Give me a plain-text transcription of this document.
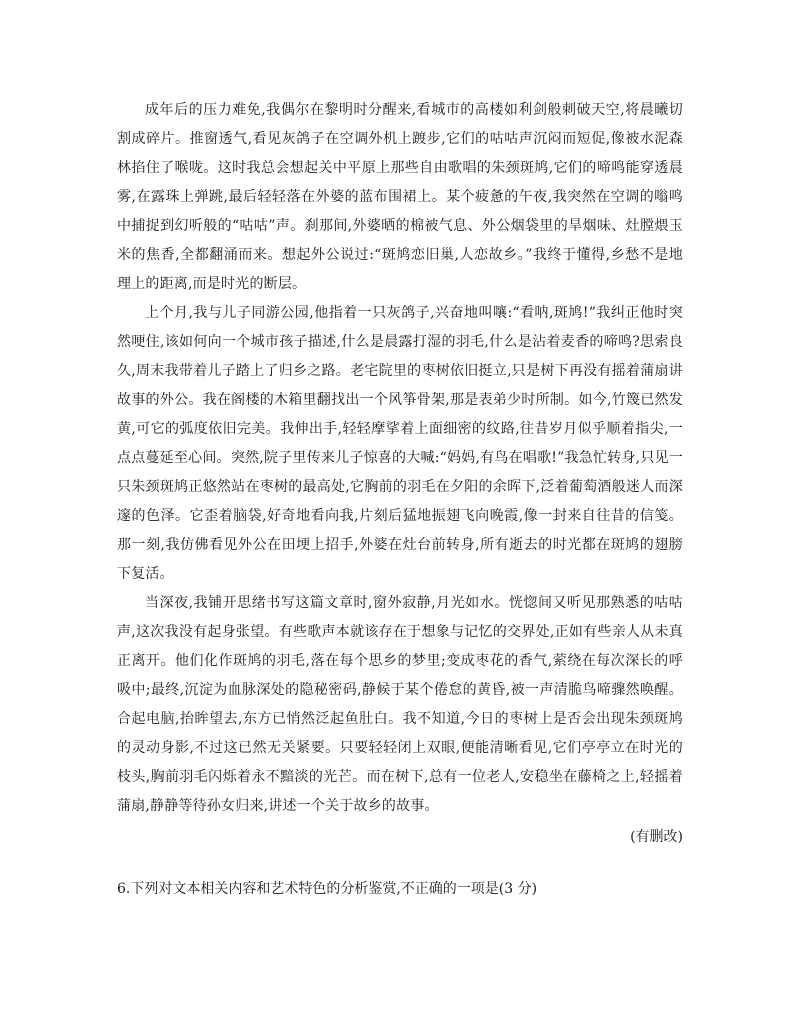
成年后的压力难免,我偶尔在黎明时分醒来,看城市的高楼如利剑般刺破天空,将晨曦切割成碎片。推窗透气,看见灰鸽子在空调外机上踱步,它们的咕咕声沉闷而短促,像被水泥森林掐住了喉咙。这时我总会想起关中平原上那些自由歌唱的朱颈斑鸠,它们的啼鸣能穿透晨雾,在露珠上弹跳,最后轻轻落在外婆的蓝布围裙上。某个疲惫的午夜,我突然在空调的嗡鸣中捕捉到幻听般的“咕咕”声。刹那间,外婆晒的棉被气息、外公烟袋里的旱烟味、灶膛煨玉米的焦香,全都翻涌而来。想起外公说过:“斑鸠恋旧巢,人恋故乡。”我终于懂得,乡愁不是地理上的距离,而是时光的断层。

上个月,我与儿子同游公园,他指着一只灰鸽子,兴奋地叫嚷:“看呐,斑鸠!”我纠正他时突然哽住,该如何向一个城市孩子描述,什么是晨露打湿的羽毛,什么是沾着麦香的啼鸣?思索良久,周末我带着儿子踏上了归乡之路。老宅院里的枣树依旧挺立,只是树下再没有摇着蒲扇讲故事的外公。我在阁楼的木箱里翻找出一个风筝骨架,那是表弟少时所制。如今,竹篾已然发黄,可它的弧度依旧完美。我伸出手,轻轻摩挲着上面细密的纹路,往昔岁月似乎顺着指尖,一点点蔓延至心间。突然,院子里传来儿子惊喜的大喊:“妈妈,有鸟在唱歌!”我急忙转身,只见一只朱颈斑鸠正悠然站在枣树的最高处,它胸前的羽毛在夕阳的余晖下,泛着葡萄酒般迷人而深邃的色泽。它歪着脑袋,好奇地看向我,片刻后猛地振翅飞向晚霞,像一封来自往昔的信笺。那一刻,我仿佛看见外公在田埂上招手,外婆在灶台前转身,所有逝去的时光都在斑鸠的翅膀下复活。

当深夜,我铺开思绪书写这篇文章时,窗外寂静,月光如水。恍惚间又听见那熟悉的咕咕声,这次我没有起身张望。有些歌声本就该存在于想象与记忆的交界处,正如有些亲人从未真正离开。他们化作斑鸠的羽毛,落在每个思乡的梦里;变成枣花的香气,萦绕在每次深长的呼吸中;最终,沉淀为血脉深处的隐秘密码,静候于某个倦怠的黄昏,被一声清脆鸟啼骤然唤醒。合起电脑,抬眸望去,东方已悄然泛起鱼肚白。我不知道,今日的枣树上是否会出现朱颈斑鸠的灵动身影,不过这已然无关紧要。只要轻轻闭上双眼,便能清晰看见,它们亭亭立在时光的枝头,胸前羽毛闪烁着永不黯淡的光芒。而在树下,总有一位老人,安稳坐在藤椅之上,轻摇着蒲扇,静静等待孙女归来,讲述一个关于故乡的故事。

(有删改)
6.下列对文本相关内容和艺术特色的分析鉴赏,不正确的一项是(3 分)
